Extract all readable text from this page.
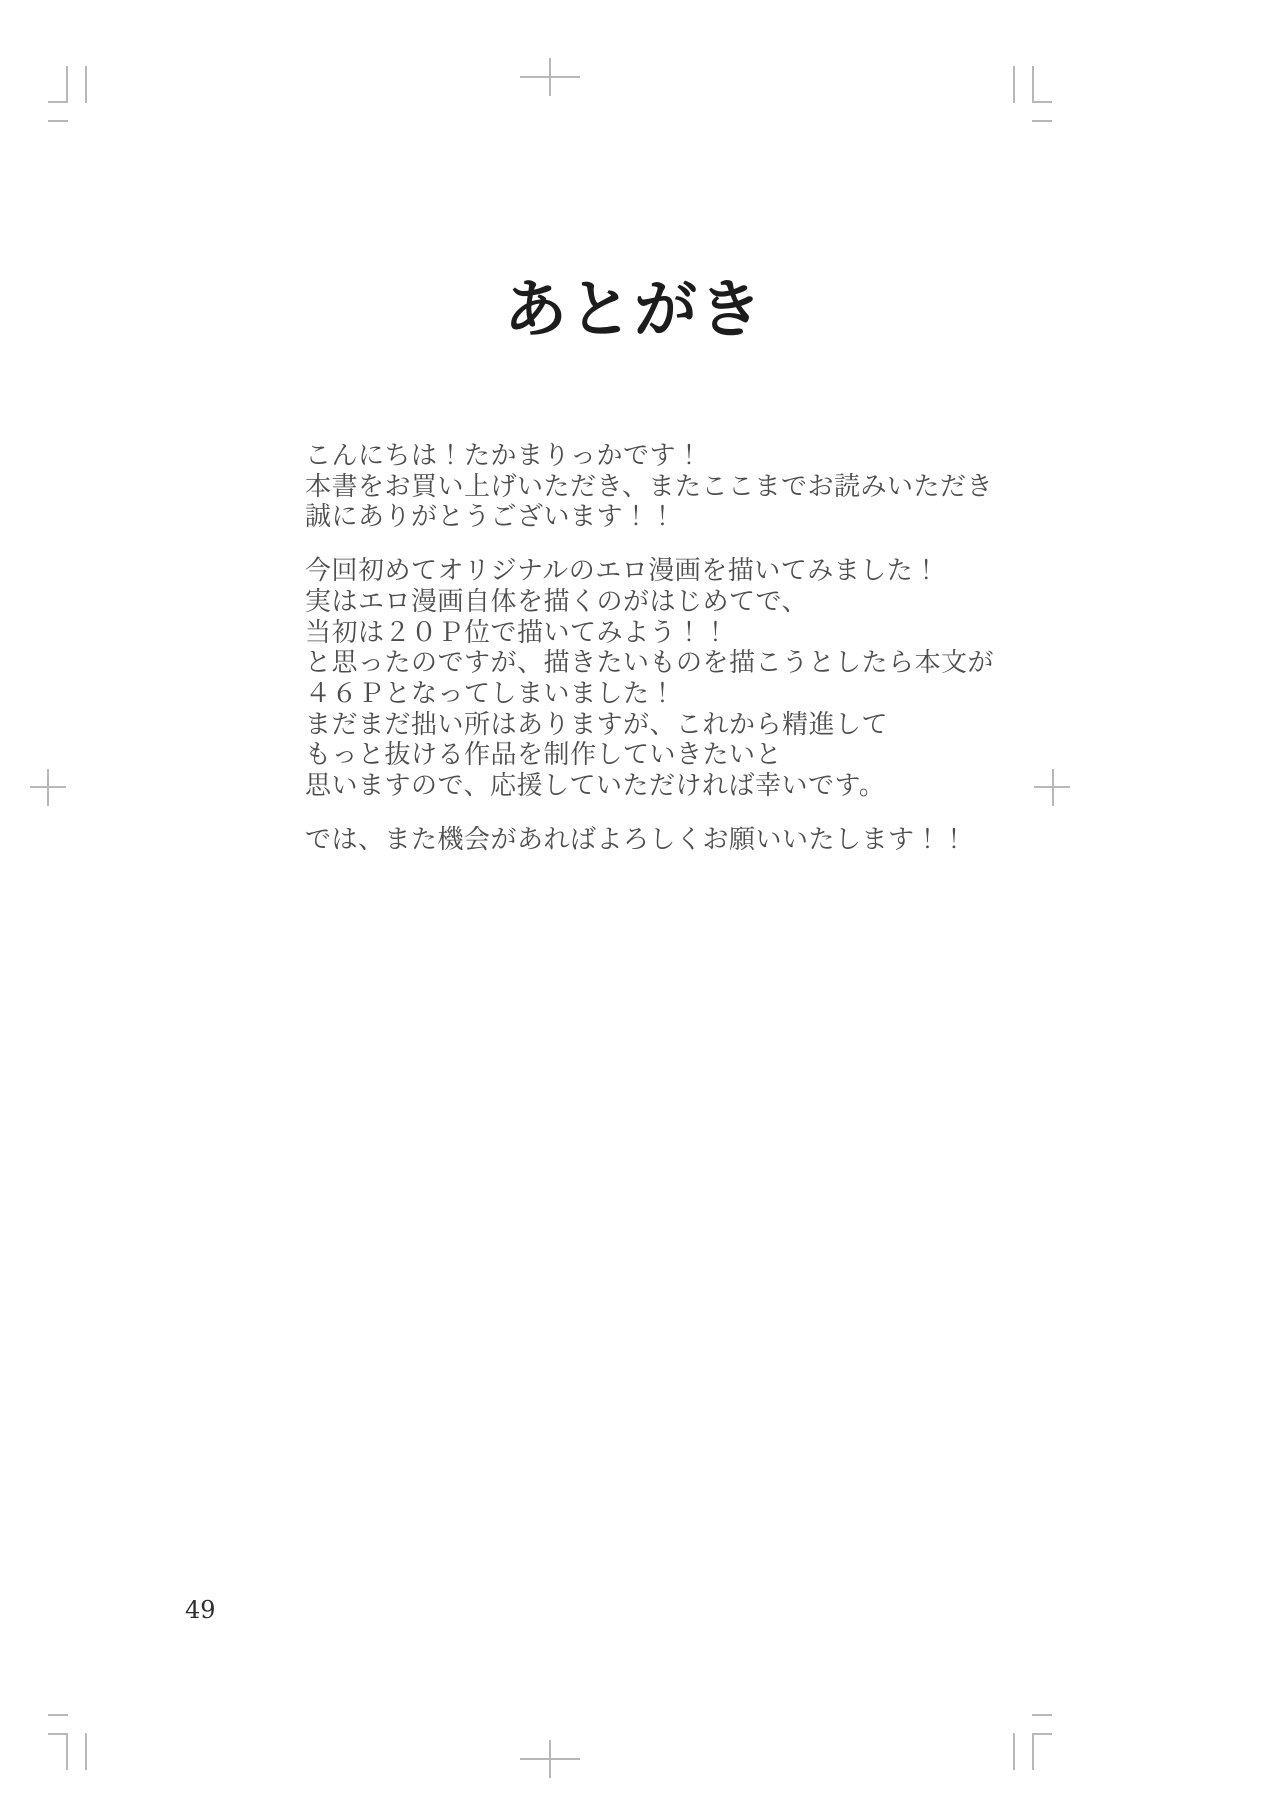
あとがき
こんにちは！たかまりっかです！
本書をお買い上げいただき、またここまでお読みいただき
誠にありがとうございます！！
今回初めてオリジナルのエロ漫画を描いてみました！
実はエロ漫画自体を描くのがはじめてで、
当初は２０Ｐ位で描いてみよう！！
と思ったのですが、描きたいものを描こうとしたら本文が
４６Ｐとなってしまいました！
まだまだ拙い所はありますが、これから精進して
もっと抜ける作品を制作していきたいと
思いますので、応援していただければ幸いです。
では、また機会があればよろしくお願いいたします！！
49
